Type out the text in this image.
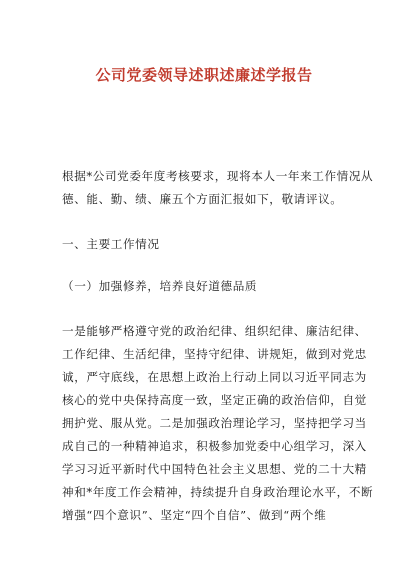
公司党委领导述职述廉述学报告
根据*公司党委年度考核要求，现将本人一年来工作情况从
德、能、勤、绩、廉五个方面汇报如下，敬请评议。
一、主要工作情况
（一）加强修养，培养良好道德品质
一是能够严格遵守党的政治纪律、组织纪律、廉洁纪律、
工作纪律、生活纪律，坚持守纪律、讲规矩，做到对党忠
诚，严守底线，在思想上政治上行动上同以习近平同志为
核心的党中央保持高度一致，坚定正确的政治信仰，自觉
拥护党、服从党。二是加强政治理论学习，坚持把学习当
成自己的一种精神追求，积极参加党委中心组学习，深入
学习习近平新时代中国特色社会主义思想、党的二十大精
神和*年度工作会精神，持续提升自身政治理论水平，不断
增强“四个意识”、坚定“四个自信”、做到“两个维
